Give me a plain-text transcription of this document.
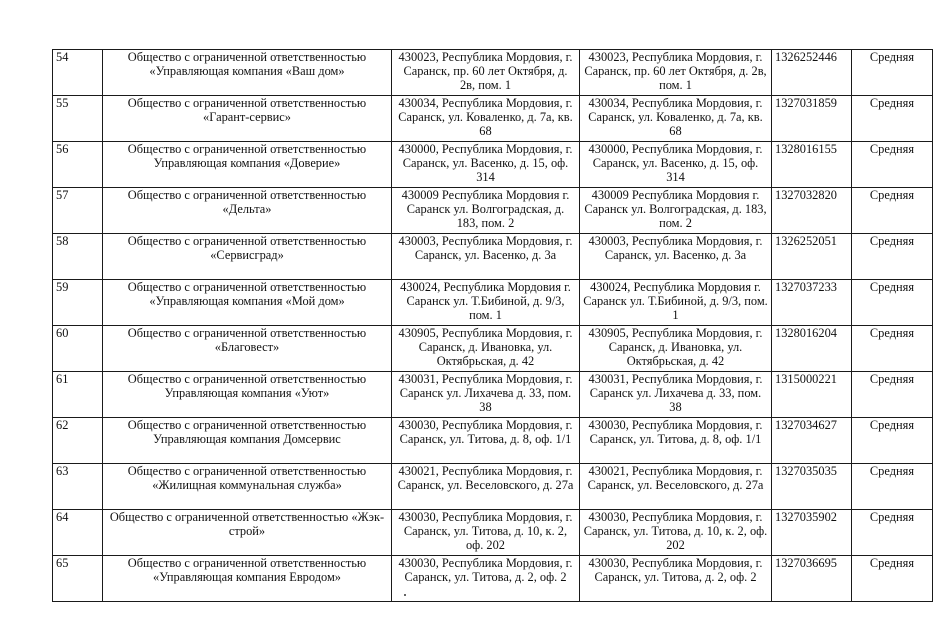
54	Общество с ограниченной ответственностью «Управляющая компания «Ваш дом»	430023, Республика Мордовия, г. Саранск, пр. 60 лет Октября, д. 2в, пом. 1	430023, Республика Мордовия, г. Саранск, пр. 60 лет Октября, д. 2в, пом. 1	1326252446	Средняя
55	Общество с ограниченной ответственностью «Гарант-сервис»	430034, Республика Мордовия, г. Саранск, ул. Коваленко, д. 7а, кв. 68	430034, Республика Мордовия, г. Саранск, ул. Коваленко, д. 7а, кв. 68	1327031859	Средняя
56	Общество с ограниченной ответственностью Управляющая компания «Доверие»	430000, Республика Мордовия, г. Саранск, ул. Васенко, д. 15, оф. 314	430000, Республика Мордовия, г. Саранск, ул. Васенко, д. 15, оф. 314	1328016155	Средняя
57	Общество с ограниченной ответственностью «Дельта»	430009 Республика Мордовия г. Саранск ул. Волгоградская, д. 183, пом. 2	430009 Республика Мордовия г. Саранск ул. Волгоградская, д. 183, пом. 2	1327032820	Средняя
58	Общество с ограниченной ответственностью «Сервисград»	430003, Республика Мордовия, г. Саранск, ул. Васенко, д. 3а	430003, Республика Мордовия, г. Саранск, ул. Васенко, д. 3а	1326252051	Средняя
59	Общество с ограниченной ответственностью «Управляющая компания «Мой дом»	430024, Республика Мордовия г. Саранск ул. Т.Бибиной, д. 9/3, пом. 1	430024, Республика Мордовия г. Саранск ул. Т.Бибиной, д. 9/3, пом. 1	1327037233	Средняя
60	Общество с ограниченной ответственностью «Благовест»	430905, Республика Мордовия, г. Саранск, д. Ивановка, ул. Октябрьская, д. 42	430905, Республика Мордовия, г. Саранск, д. Ивановка, ул. Октябрьская, д. 42	1328016204	Средняя
61	Общество с ограниченной ответственностью Управляющая компания «Уют»	430031, Республика Мордовия, г. Саранск ул. Лихачева д. 33, пом. 38	430031, Республика Мордовия, г. Саранск ул. Лихачева д. 33, пом. 38	1315000221	Средняя
62	Общество с ограниченной ответственностью Управляющая компания Домсервис	430030, Республика Мордовия, г. Саранск, ул. Титова, д. 8, оф. 1/1	430030, Республика Мордовия, г. Саранск, ул. Титова, д. 8, оф. 1/1	1327034627	Средняя
63	Общество с ограниченной ответственностью «Жилищная коммунальная служба»	430021, Республика Мордовия, г. Саранск, ул. Веселовского, д. 27а	430021, Республика Мордовия, г. Саранск, ул. Веселовского, д. 27а	1327035035	Средняя
64	Общество с ограниченной ответственностью «Жэк-строй»	430030, Республика Мордовия, г. Саранск, ул. Титова, д. 10, к. 2, оф. 202	430030, Республика Мордовия, г. Саранск, ул. Титова, д. 10, к. 2, оф. 202	1327035902	Средняя
65	Общество с ограниченной ответственностью «Управляющая компания Евродом»	430030, Республика Мордовия, г. Саранск, ул. Титова, д. 2, оф. 2	430030, Республика Мордовия, г. Саранск, ул. Титова, д. 2, оф. 2	1327036695	Средняя
